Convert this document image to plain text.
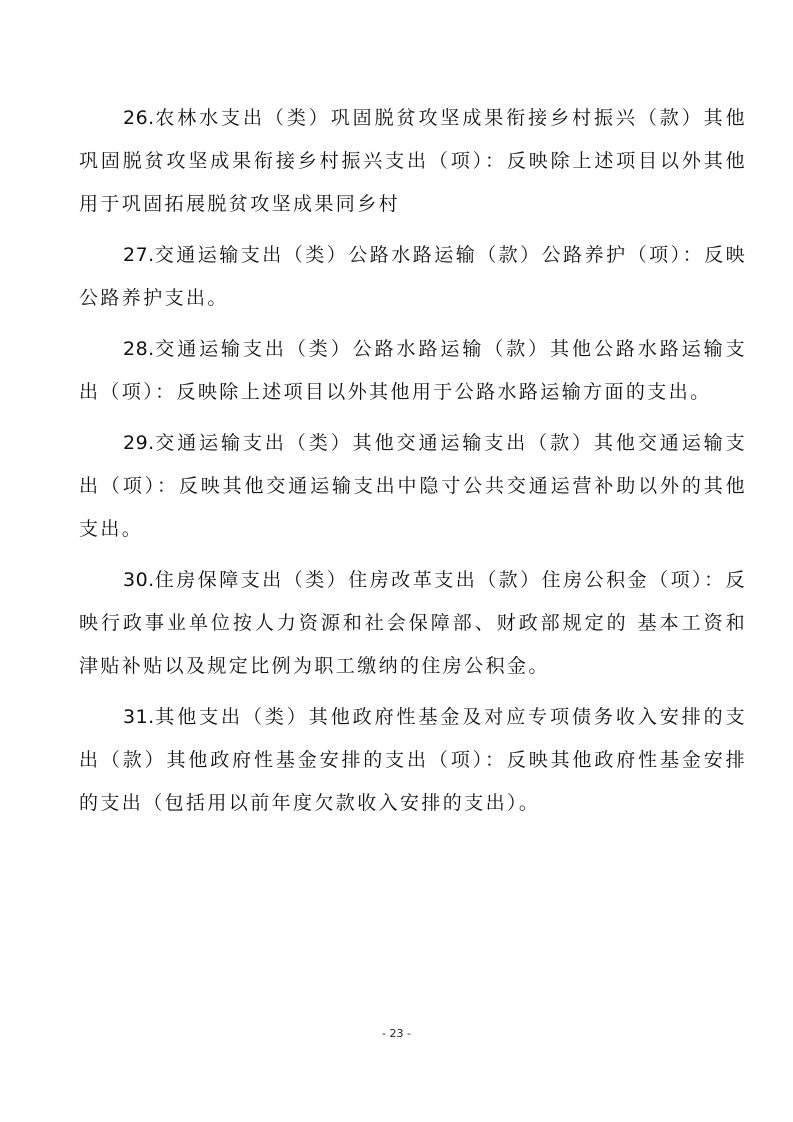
26.农林水支出（类）巩固脱贫攻坚成果衔接乡村振兴（款）其他巩固脱贫攻坚成果衔接乡村振兴支出（项）：反映除上述项目以外其他用于巩固拓展脱贫攻坚成果同乡村

27.交通运输支出（类）公路水路运输（款）公路养护（项）：反映公路养护支出。

28.交通运输支出（类）公路水路运输（款）其他公路水路运输支出（项）：反映除上述项目以外其他用于公路水路运输方面的支出。

29.交通运输支出（类）其他交通运输支出（款）其他交通运输支出（项）：反映其他交通运输支出中隐寸公共交通运营补助以外的其他支出。

30.住房保障支出（类）住房改革支出（款）住房公积金（项）：反映行政事业单位按人力资源和社会保障部、财政部规定的 基本工资和津贴补贴以及规定比例为职工缴纳的住房公积金。

31.其他支出（类）其他政府性基金及对应专项债务收入安排的支出（款）其他政府性基金安排的支出（项）：反映其他政府性基金安排的支出（包括用以前年度欠款收入安排的支出）。

- 23 -
